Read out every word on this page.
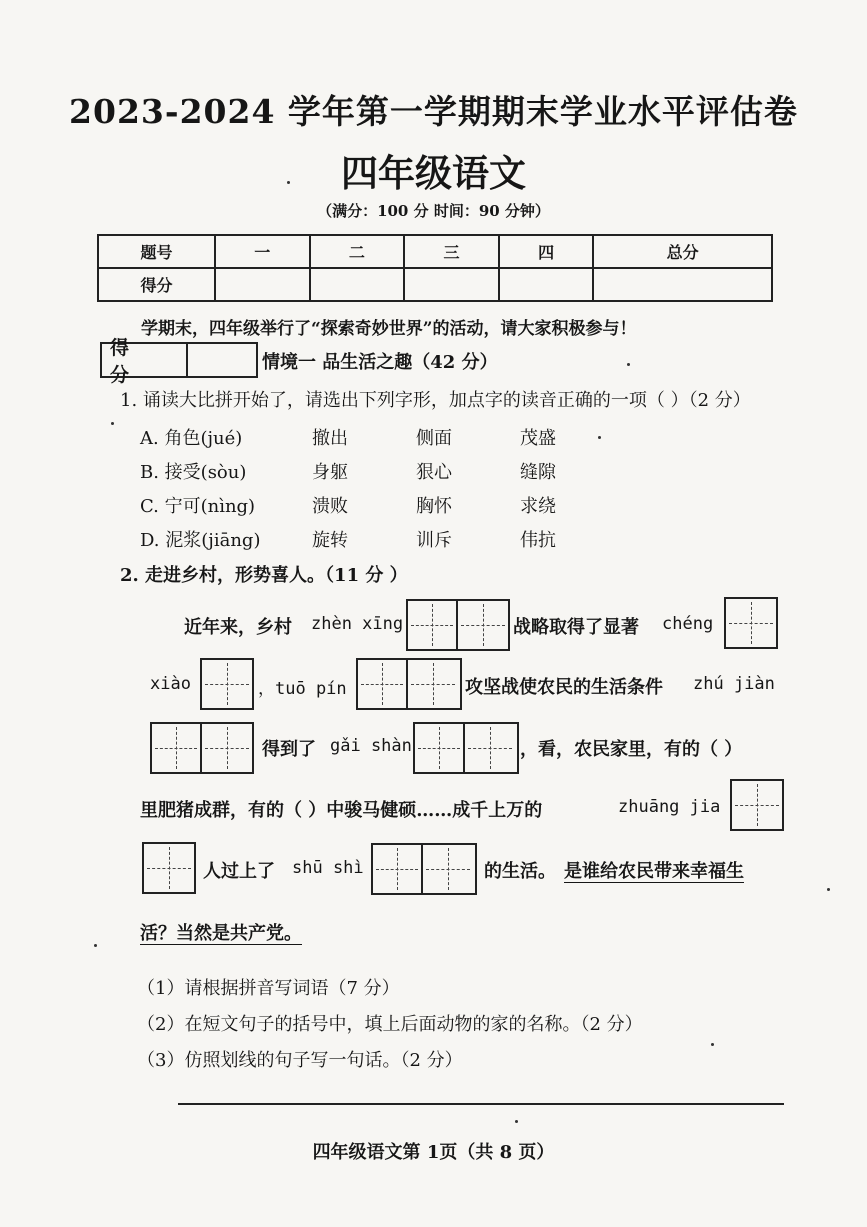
2023-2024 学年第一学期期末学业水平评估卷
四年级语文
（满分：100 分 时间：90 分钟）
题号	一	二	三	四	总分
得分					
学期末，四年级举行了“探索奇妙世界”的活动，请大家积极参与！
得 分
情境一 品生活之趣（42 分）
1. 诵读大比拼开始了，请选出下列字形，加点字的读音正确的一项（ ）（2 分）
A. 角色(jué)	撤出	侧面	茂盛
B. 接受(sòu)	身躯	狠心	缝隙
C. 宁可(nìng)	溃败	胸怀	求绕
D. 泥浆(jiāng)	旋转	训斥	伟抗
2. 走进乡村，形势喜人。（11 分 ）
近年来，乡村 zhèn xīng	战略取得了显著 chéng
xiào	，tuō pín	攻坚战使农民的生活条件 zhú jiàn
得到了 gǎi shàn	，看，农民家里，有的（ ）
里肥猪成群，有的（ ）中骏马健硕……成千上万的	zhuāng jia
人过上了 shū shì	的生活。 是谁给农民带来幸福生
活？当然是共产党。
（1）请根据拼音写词语（7 分）
（2）在短文句子的括号中，填上后面动物的家的名称。（2 分）
（3）仿照划线的句子写一句话。（2 分）
四年级语文第 1页（共 8 页）
